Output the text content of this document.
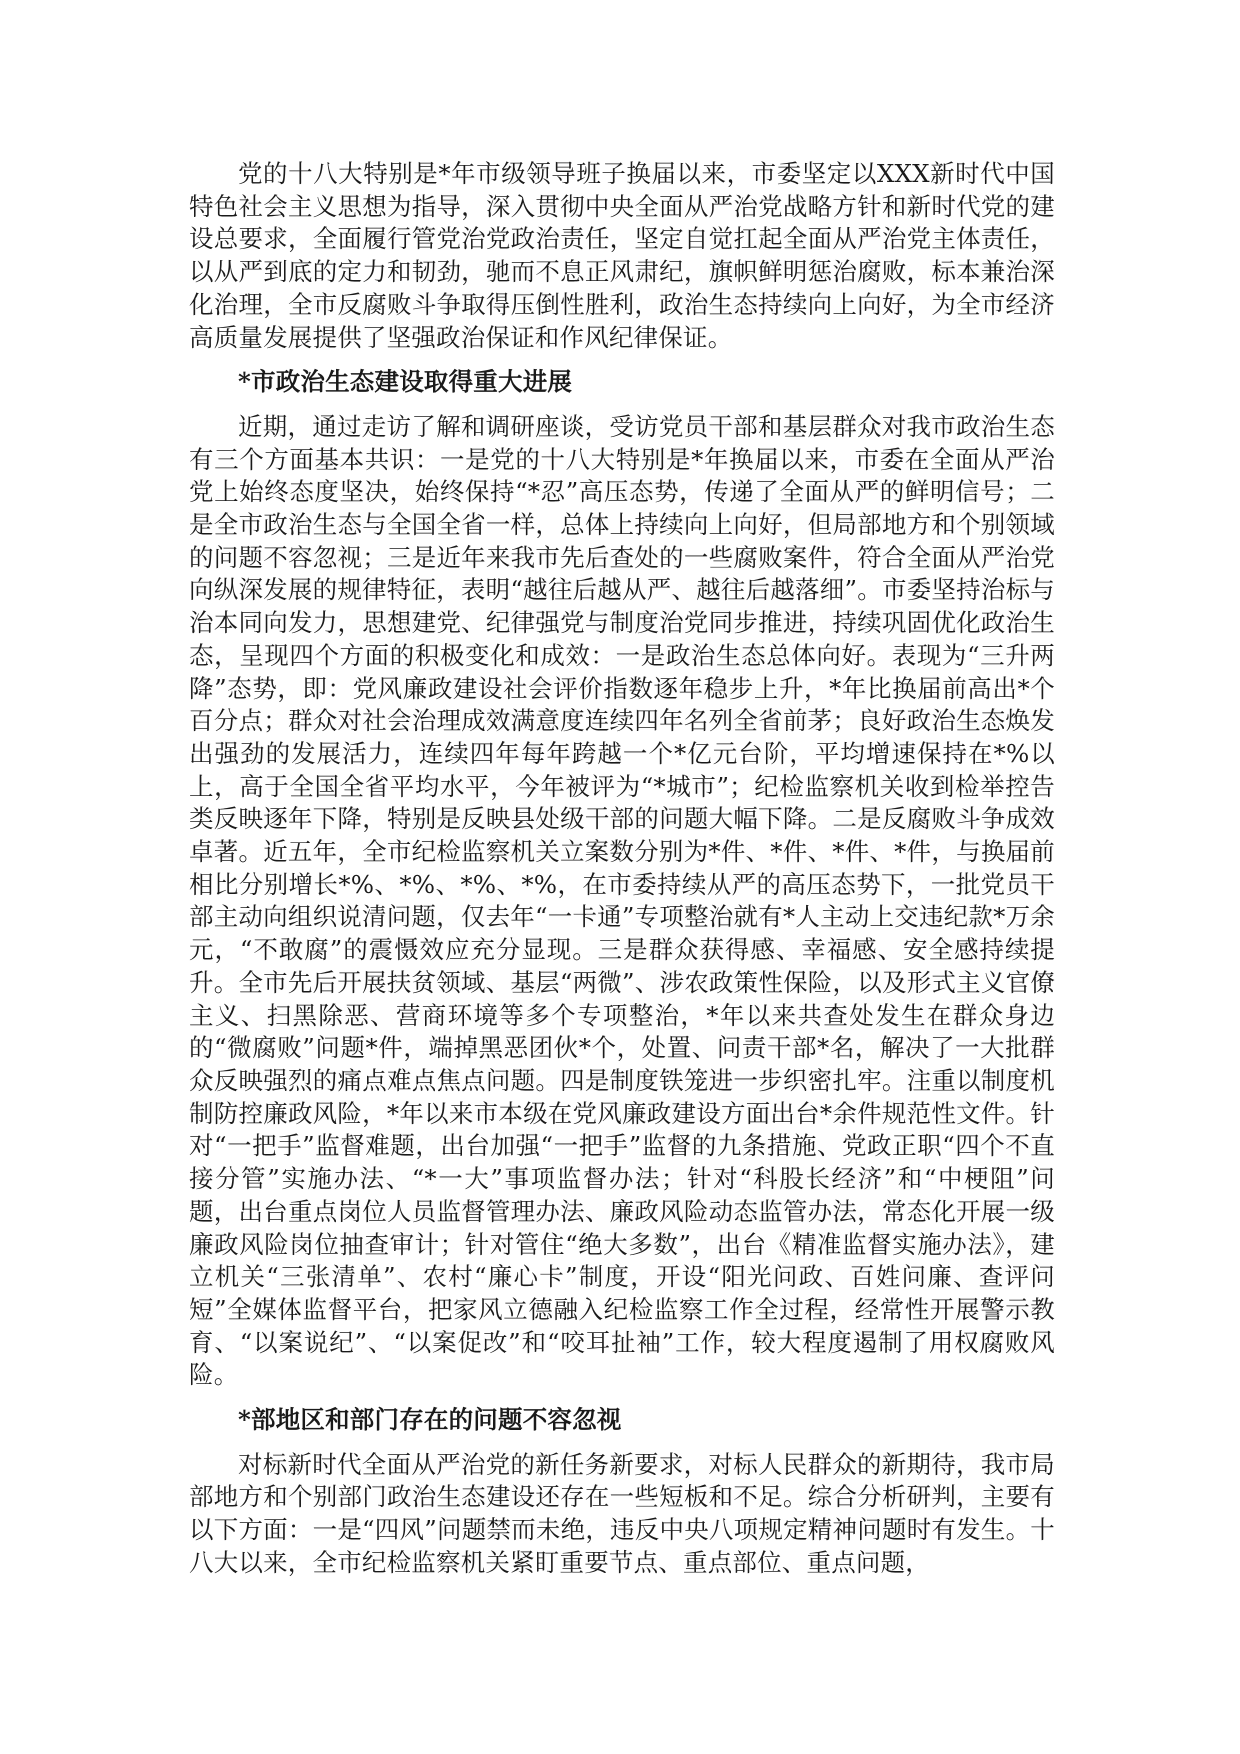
党的十八大特别是*年市级领导班子换届以来，市委坚定以XXX新时代中国特色社会主义思想为指导，深入贯彻中央全面从严治党战略方针和新时代党的建设总要求，全面履行管党治党政治责任，坚定自觉扛起全面从严治党主体责任，以从严到底的定力和韧劲，驰而不息正风肃纪，旗帜鲜明惩治腐败，标本兼治深化治理，全市反腐败斗争取得压倒性胜利，政治生态持续向上向好，为全市经济高质量发展提供了坚强政治保证和作风纪律保证。

*市政治生态建设取得重大进展

近期，通过走访了解和调研座谈，受访党员干部和基层群众对我市政治生态有三个方面基本共识：一是党的十八大特别是*年换届以来，市委在全面从严治党上始终态度坚决，始终保持“*忍”高压态势，传递了全面从严的鲜明信号；二是全市政治生态与全国全省一样，总体上持续向上向好，但局部地方和个别领域的问题不容忽视；三是近年来我市先后查处的一些腐败案件，符合全面从严治党向纵深发展的规律特征，表明“越往后越从严、越往后越落细”。市委坚持治标与治本同向发力，思想建党、纪律强党与制度治党同步推进，持续巩固优化政治生态，呈现四个方面的积极变化和成效：一是政治生态总体向好。表现为“三升两降”态势，即：党风廉政建设社会评价指数逐年稳步上升，*年比换届前高出*个百分点；群众对社会治理成效满意度连续四年名列全省前茅；良好政治生态焕发出强劲的发展活力，连续四年每年跨越一个*亿元台阶，平均增速保持在*%以上，高于全国全省平均水平，今年被评为“*城市”；纪检监察机关收到检举控告类反映逐年下降，特别是反映县处级干部的问题大幅下降。二是反腐败斗争成效卓著。近五年，全市纪检监察机关立案数分别为*件、*件、*件、*件，与换届前相比分别增长*%、*%、*%、*%，在市委持续从严的高压态势下，一批党员干部主动向组织说清问题，仅去年“一卡通”专项整治就有*人主动上交违纪款*万余元，“不敢腐”的震慑效应充分显现。三是群众获得感、幸福感、安全感持续提升。全市先后开展扶贫领域、基层“两微”、涉农政策性保险，以及形式主义官僚主义、扫黑除恶、营商环境等多个专项整治，*年以来共查处发生在群众身边的“微腐败”问题*件，端掉黑恶团伙*个，处置、问责干部*名，解决了一大批群众反映强烈的痛点难点焦点问题。四是制度铁笼进一步织密扎牢。注重以制度机制防控廉政风险，*年以来市本级在党风廉政建设方面出台*余件规范性文件。针对“一把手”监督难题，出台加强“一把手”监督的九条措施、党政正职“四个不直接分管”实施办法、“*一大”事项监督办法；针对“科股长经济”和“中梗阻”问题，出台重点岗位人员监督管理办法、廉政风险动态监管办法，常态化开展一级廉政风险岗位抽查审计；针对管住“绝大多数”，出台《精准监督实施办法》，建立机关“三张清单”、农村“廉心卡”制度，开设“阳光问政、百姓问廉、查评问短”全媒体监督平台，把家风立德融入纪检监察工作全过程，经常性开展警示教育、“以案说纪”、“以案促改”和“咬耳扯袖”工作，较大程度遏制了用权腐败风险。

*部地区和部门存在的问题不容忽视

对标新时代全面从严治党的新任务新要求，对标人民群众的新期待，我市局部地方和个别部门政治生态建设还存在一些短板和不足。综合分析研判，主要有以下方面：一是“四风”问题禁而未绝，违反中央八项规定精神问题时有发生。十八大以来，全市纪检监察机关紧盯重要节点、重点部位、重点问题，
